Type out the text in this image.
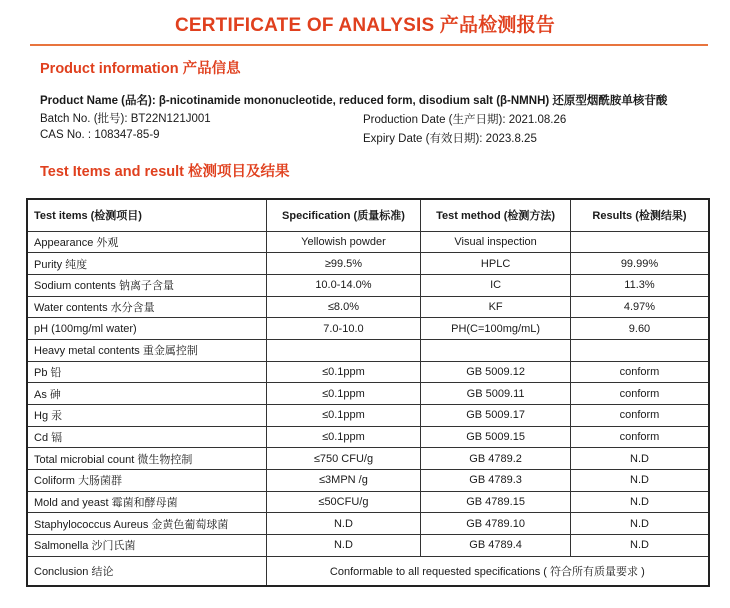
CERTIFICATE OF ANALYSIS 产品检测报告
Product information 产品信息
Product Name (品名): β-nicotinamide mononucleotide, reduced form, disodium salt (β-NMNH) 还原型烟酰胺单核苷酸
Batch No. (批号): BT22N121J001
CAS No. : 108347-85-9
Production Date (生产日期): 2021.08.26
Expiry Date (有效日期): 2023.8.25
Test Items and result 检测项目及结果
Test items (检测项目)	Specification (质量标准)	Test method (检测方法)	Results (检测结果)
Appearance 外观	Yellowish powder	Visual inspection	
Purity 纯度	≥99.5%	HPLC	99.99%
Sodium contents 钠离子含量	10.0-14.0%	IC	11.3%
Water contents 水分含量	≤8.0%	KF	4.97%
pH (100mg/ml water)	7.0-10.0	PH(C=100mg/mL)	9.60
Heavy metal contents 重金属控制			
Pb 铅	≤0.1ppm	GB 5009.12	conform
As 砷	≤0.1ppm	GB 5009.11	conform
Hg 汞	≤0.1ppm	GB 5009.17	conform
Cd 镉	≤0.1ppm	GB 5009.15	conform
Total microbial count 微生物控制	≤750 CFU/g	GB 4789.2	N.D
Coliform 大肠菌群	≤3MPN /g	GB 4789.3	N.D
Mold and yeast 霉菌和酵母菌	≤50CFU/g	GB 4789.15	N.D
Staphylococcus Aureus 金黄色葡萄球菌	N.D	GB 4789.10	N.D
Salmonella 沙门氏菌	N.D	GB 4789.4	N.D
Conclusion 结论	Conformable to all requested specifications ( 符合所有质量要求 )		
